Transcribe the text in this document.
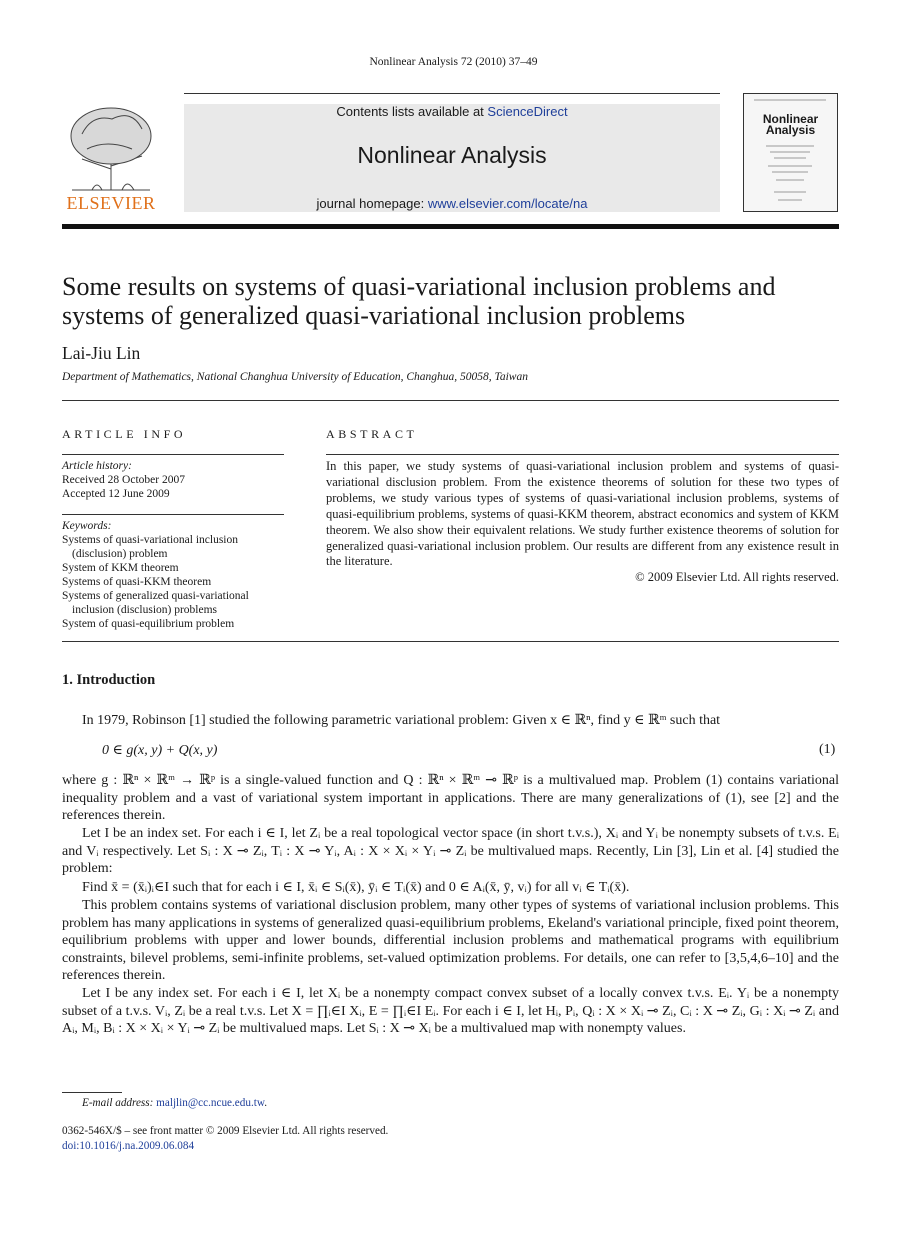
Nonlinear Analysis 72 (2010) 37–49
ELSEVIER
Contents lists available at ScienceDirect
Nonlinear Analysis
journal homepage: www.elsevier.com/locate/na
Nonlinear Analysis
Some results on systems of quasi-variational inclusion problems and systems of generalized quasi-variational inclusion problems
Lai-Jiu Lin
Department of Mathematics, National Changhua University of Education, Changhua, 50058, Taiwan
ARTICLE INFO
Article history:
Received 28 October 2007
Accepted 12 June 2009
Keywords:
Systems of quasi-variational inclusion
(disclusion) problem
System of KKM theorem
Systems of quasi-KKM theorem
Systems of generalized quasi-variational
inclusion (disclusion) problems
System of quasi-equilibrium problem
ABSTRACT
In this paper, we study systems of quasi-variational inclusion problem and systems of quasi-variational disclusion problem. From the existence theorems of solution for these two types of problems, we study various types of systems of quasi-variational inclusion problems, systems of quasi-equilibrium problems, systems of quasi-KKM theorem, abstract economics and system of KKM theorem. We also show their equivalent relations. We study further existence theorems of solution for generalized quasi-variational inclusion problem. Our results are different from any existence result in the literature.
© 2009 Elsevier Ltd. All rights reserved.
1. Introduction
In 1979, Robinson [1] studied the following parametric variational problem: Given x ∈ ℝⁿ, find y ∈ ℝᵐ such that
0 ∈ g(x, y) + Q(x, y)	(1)
where g : ℝⁿ × ℝᵐ → ℝᵖ is a single-valued function and Q : ℝⁿ × ℝᵐ ⊸ ℝᵖ is a multivalued map. Problem (1) contains variational inequality problem and a vast of variational system important in applications. There are many generalizations of (1), see [2] and the references therein.
Let I be an index set. For each i ∈ I, let Zᵢ be a real topological vector space (in short t.v.s.), Xᵢ and Yᵢ be nonempty subsets of t.v.s. Eᵢ and Vᵢ respectively. Let Sᵢ : X ⊸ Zᵢ, Tᵢ : X ⊸ Yᵢ, Aᵢ : X × Xᵢ × Yᵢ ⊸ Zᵢ be multivalued maps. Recently, Lin [3], Lin et al. [4] studied the problem:
Find x̄ = (x̄ᵢ)ᵢ∈I such that for each i ∈ I, x̄ᵢ ∈ Sᵢ(x̄), ȳᵢ ∈ Tᵢ(x̄) and 0 ∈ Aᵢ(x̄, ȳ, vᵢ) for all vᵢ ∈ Tᵢ(x̄).
This problem contains systems of variational disclusion problem, many other types of systems of variational inclusion problems. This problem has many applications in systems of generalized quasi-equilibrium problems, Ekeland's variational principle, fixed point theorem, equilibrium problems with upper and lower bounds, differential inclusion problems and mathematical programs with equilibrium constraints, bilevel problems, semi-infinite problems, set-valued optimization problems. For details, one can refer to [3,5,4,6–10] and the references therein.
Let I be any index set. For each i ∈ I, let Xᵢ be a nonempty compact convex subset of a locally convex t.v.s. Eᵢ. Yᵢ be a nonempty subset of a t.v.s. Vᵢ, Zᵢ be a real t.v.s. Let X = ∏ᵢ∈I Xᵢ, E = ∏ᵢ∈I Eᵢ. For each i ∈ I, let Hᵢ, Pᵢ, Qᵢ : X × Xᵢ ⊸ Zᵢ, Cᵢ : X ⊸ Zᵢ, Gᵢ : Xᵢ ⊸ Zᵢ and Aᵢ, Mᵢ, Bᵢ : X × Xᵢ × Yᵢ ⊸ Zᵢ be multivalued maps. Let Sᵢ : X ⊸ Xᵢ be a multivalued map with nonempty values.
E-mail address: maljlin@cc.ncue.edu.tw.
0362-546X/$ – see front matter © 2009 Elsevier Ltd. All rights reserved.
doi:10.1016/j.na.2009.06.084
